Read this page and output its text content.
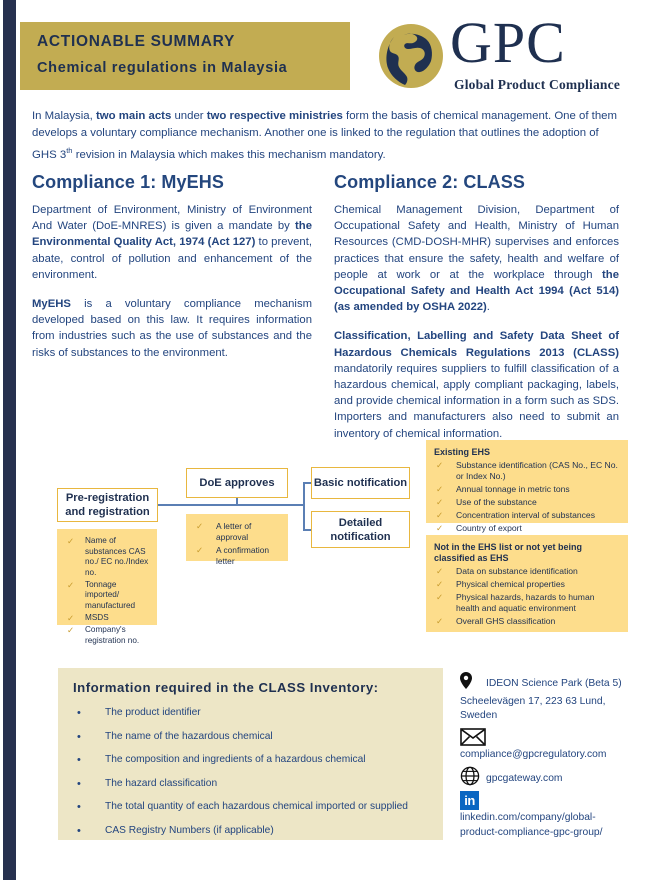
ACTIONABLE SUMMARY
Chemical regulations in Malaysia	GPC
Global Product Compliance
In Malaysia, two main acts under two respective ministries form the basis of chemical management. One of them develops a voluntary compliance mechanism. Another one is linked to the regulation that outlines the adoption of GHS 3th revision in Malaysia which makes this mechanism mandatory.
Compliance 1: MyEHS

Department of Environment, Ministry of Environment And Water (DoE-MNRES) is given a mandate by the Environmental Quality Act, 1974 (Act 127) to prevent, abate, control of pollution and enhancement of the environment.

MyEHS is a voluntary compliance mechanism developed based on this law. It requires information from industries such as the use of substances and the risks of substances to the environment.

Compliance 2: CLASS

Chemical Management Division, Department of Occupational Safety and Health, Ministry of Human Resources (CMD-DOSH-MHR) supervises and enforces practices that ensure the safety, health and welfare of people at work or at the workplace through the Occupational Safety and Health Act 1994 (Act 514) (as amended by OSHA 2022).

Classification, Labelling and Safety Data Sheet of Hazardous Chemicals Regulations 2013 (CLASS) mandatorily requires suppliers to fulfill classification of a hazardous chemical, apply compliant packaging, labels, and provide chemical information in a form such as SDS. Importers and manufacturers also need to submit an inventory of chemical information.

Pre-registration and registration
DoE approves	Basic notification
Detailed notification
✓ Name of substances CAS no./ EC no./Index no.
✓ Tonnage imported/ manufactured
✓ MSDS
✓ Company's registration no.
✓ A letter of approval
✓ A confirmation letter
Existing EHS
✓ Substance identification (CAS No., EC No. or Index No.)
✓ Annual tonnage in metric tons
✓ Use of the substance
✓ Concentration interval of substances
✓ Country of export
Not in the EHS list or not yet being classified as EHS
✓ Data on substance identification
✓ Physical chemical properties
✓ Physical hazards, hazards to human health and aquatic environment
✓ Overall GHS classification
Information required in the CLASS Inventory:
• The product identifier
• The name of the hazardous chemical
• The composition and ingredients of a hazardous chemical
• The hazard classification
• The total quantity of each hazardous chemical imported or supplied
• CAS Registry Numbers (if applicable)
IDEON Science Park (Beta 5)
Scheelevägen 17, 223 63 Lund, Sweden
compliance@gpcregulatory.com
gpcgateway.com
in
linkedin.com/company/global-
product-compliance-gpc-group/
